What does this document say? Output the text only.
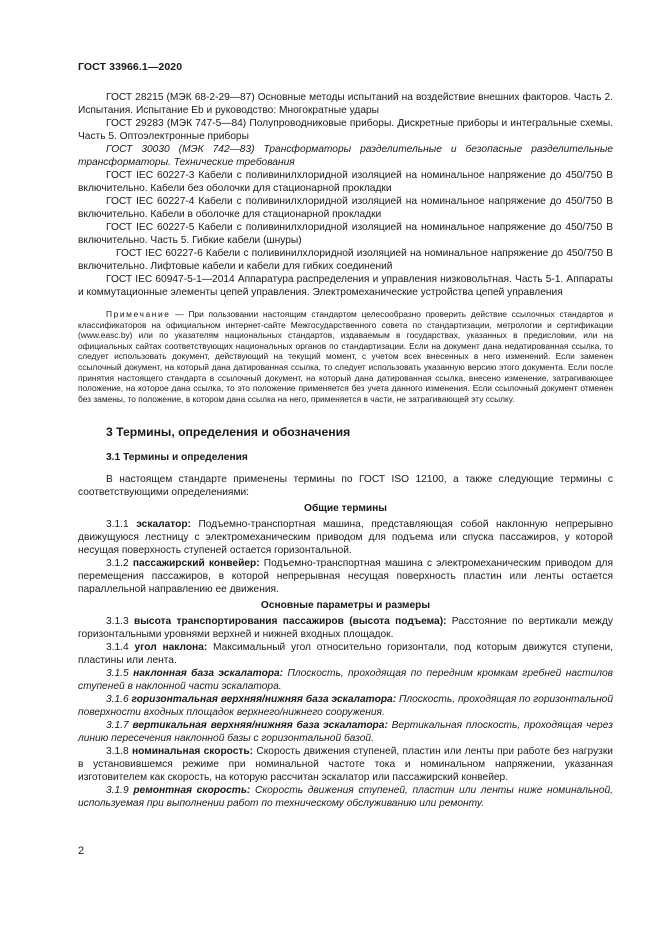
ГОСТ 33966.1—2020

ГОСТ 28215 (МЭК 68-2-29—87) Основные методы испытаний на воздействие внешних факторов. Часть 2. Испытания. Испытание Eb и руководство: Многократные удары

ГОСТ 29283 (МЭК 747-5—84) Полупроводниковые приборы. Дискретные приборы и интегральные схемы. Часть 5. Оптоэлектронные приборы

ГОСТ 30030 (МЭК 742—83) Трансформаторы разделительные и безопасные разделительные трансформаторы. Технические требования

ГОСТ IEC 60227-3 Кабели с поливинилхлоридной изоляцией на номинальное напряжение до 450/750 В включительно. Кабели без оболочки для стационарной прокладки

ГОСТ IEC 60227-4 Кабели с поливинилхлоридной изоляцией на номинальное напряжение до 450/750 В включительно. Кабели в оболочке для стационарной прокладки

ГОСТ IEC 60227-5 Кабели с поливинилхлоридной изоляцией на номинальное напряжение до 450/750 В включительно. Часть 5. Гибкие кабели (шнуры)

ГОСТ IEC 60227-6 Кабели с поливинилхлоридной изоляцией на номинальное напряжение до 450/750 В включительно. Лифтовые кабели и кабели для гибких соединений

ГОСТ IEC 60947-5-1—2014 Аппаратура распределения и управления низковольтная. Часть 5-1. Аппараты и коммутационные элементы цепей управления. Электромеханические устройства цепей управления

Примечание — При пользовании настоящим стандартом целесообразно проверить действие ссылочных стандартов и классификаторов на официальном интернет-сайте Межгосударственного совета по стандартизации, метрологии и сертификации (www.easc.by) или по указателям национальных стандартов, издаваемым в государствах, указанных в предисловии, или на официальных сайтах соответствующих национальных органов по стандартизации. Если на документ дана недатированная ссылка, то следует использовать документ, действующий на текущий момент, с учетом всех внесенных в него изменений. Если заменен ссылочный документ, на который дана датированная ссылка, то следует использовать указанную версию этого документа. Если после принятия настоящего стандарта в ссылочный документ, на который дана датированная ссылка, внесено изменение, затрагивающее положение, на которое дана ссылка, то это положение применяется без учета данного изменения. Если ссылочный документ отменен без замены, то положение, в котором дана ссылка на него, применяется в части, не затрагивающей эту ссылку.

3 Термины, определения и обозначения

3.1 Термины и определения

В настоящем стандарте применены термины по ГОСТ ISO 12100, а также следующие термины с соответствующими определениями:

Общие термины

3.1.1 эскалатор: Подъемно-транспортная машина, представляющая собой наклонную непрерывно движущуюся лестницу с электромеханическим приводом для подъема или спуска пассажиров, у которой несущая поверхность ступеней остается горизонтальной.

3.1.2 пассажирский конвейер: Подъемно-транспортная машина с электромеханическим приводом для перемещения пассажиров, в которой непрерывная несущая поверхность пластин или ленты остается параллельной направлению ее движения.

Основные параметры и размеры

3.1.3 высота транспортирования пассажиров (высота подъема): Расстояние по вертикали между горизонтальными уровнями верхней и нижней входных площадок.

3.1.4 угол наклона: Максимальный угол относительно горизонтали, под которым движутся ступени, пластины или лента.

3.1.5 наклонная база эскалатора: Плоскость, проходящая по передним кромкам гребней настилов ступеней в наклонной части эскалатора.

3.1.6 горизонтальная верхняя/нижняя база эскалатора: Плоскость, проходящая по горизонтальной поверхности входных площадок верхнего/нижнего сооружения.

3.1.7 вертикальная верхняя/нижняя база эскалатора: Вертикальная плоскость, проходящая через линию пересечения наклонной базы с горизонтальной базой.

3.1.8 номинальная скорость: Скорость движения ступеней, пластин или ленты при работе без нагрузки в установившемся режиме при номинальной частоте тока и номинальном напряжении, указанная изготовителем как скорость, на которую рассчитан эскалатор или пассажирский конвейер.

3.1.9 ремонтная скорость: Скорость движения ступеней, пластин или ленты ниже номинальной, используемая при выполнении работ по техническому обслуживанию или ремонту.

2
